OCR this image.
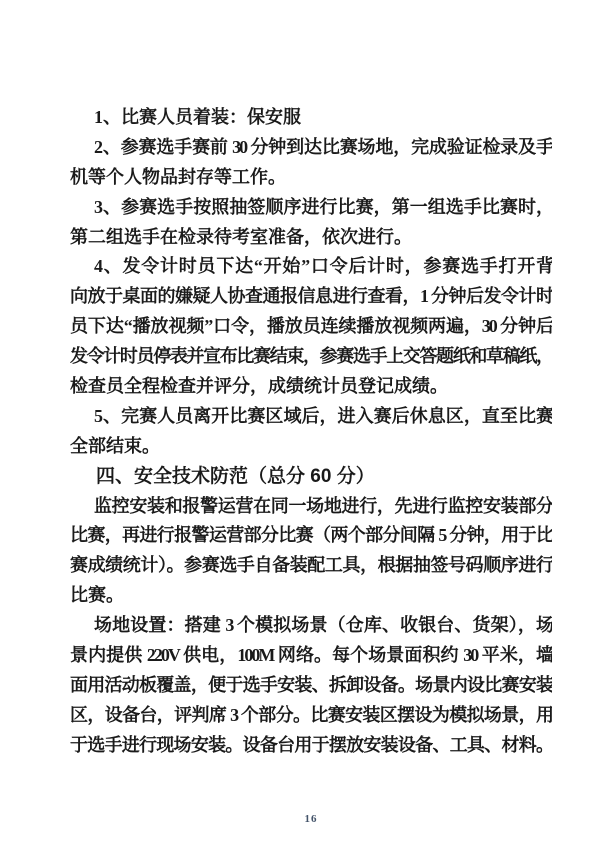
1、比赛人员着装：保安服
2、参赛选手赛前 30 分钟到达比赛场地，完成验证检录及手
机等个人物品封存等工作。
3、参赛选手按照抽签顺序进行比赛，第一组选手比赛时，
第二组选手在检录待考室准备，依次进行。
4、发令计时员下达“开始”口令后计时，参赛选手打开背
向放于桌面的嫌疑人协查通报信息进行查看，1 分钟后发令计时
员下达“播放视频”口令，播放员连续播放视频两遍，30 分钟后
发令计时员停表并宣布比赛结束，参赛选手上交答题纸和草稿纸，
检查员全程检查并评分，成绩统计员登记成绩。
5、完赛人员离开比赛区域后，进入赛后休息区，直至比赛
全部结束。
四、安全技术防范（总分 60 分）
监控安装和报警运营在同一场地进行，先进行监控安装部分
比赛，再进行报警运营部分比赛（两个部分间隔 5 分钟，用于比
赛成绩统计）。参赛选手自备装配工具，根据抽签号码顺序进行
比赛。
场地设置：搭建 3 个模拟场景（仓库、收银台、货架），场
景内提供 220V 供电，100M 网络。每个场景面积约 30 平米，墙
面用活动板覆盖，便于选手安装、拆卸设备。场景内设比赛安装
区，设备台，评判席 3 个部分。比赛安装区摆设为模拟场景，用
于选手进行现场安装。设备台用于摆放安装设备、工具、材料。
16
